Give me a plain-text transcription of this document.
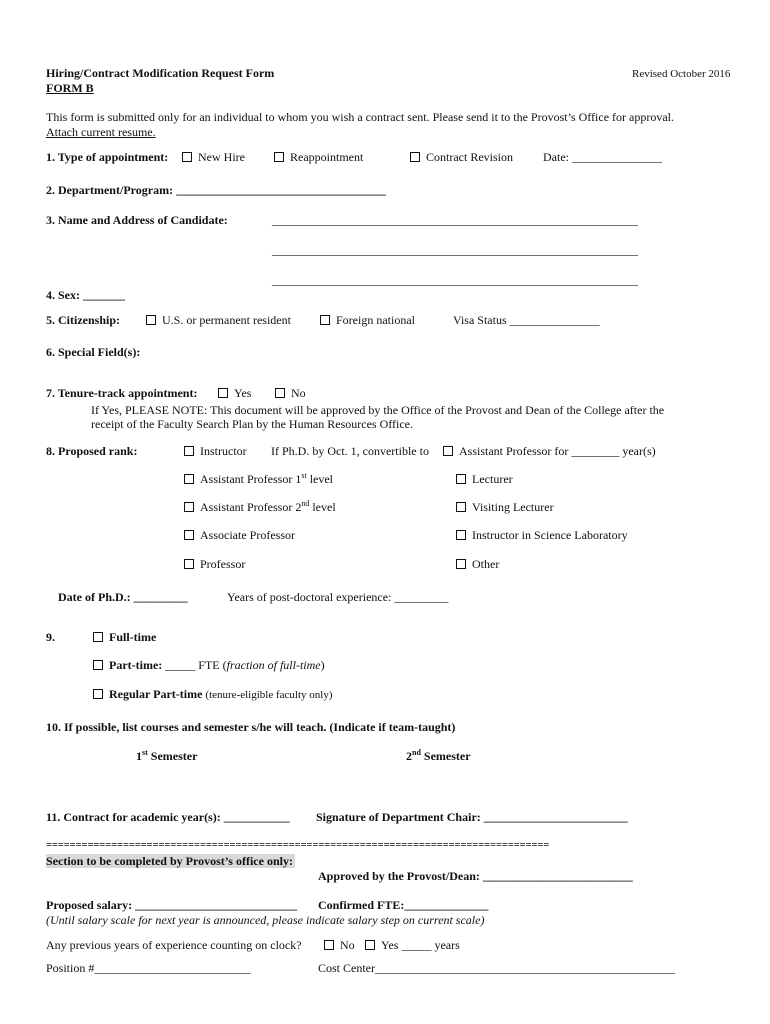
Hiring/Contract Modification Request Form
FORM B
Revised October 2016
This form is submitted only for an individual to whom you wish a contract sent. Please send it to the Provost’s Office for approval.
Attach current resume.
1. Type of appointment:	New Hire	Reappointment	Contract Revision	Date: _______________
2. Department/Program: ___________________________________
3. Name and Address of Candidate:	_____________________________________________________________
_____________________________________________________________
_____________________________________________________________
4. Sex: _______
5. Citizenship:	U.S. or permanent resident	Foreign national	Visa Status _______________
6. Special Field(s):
7. Tenure-track appointment:	Yes	No
If Yes, PLEASE NOTE: This document will be approved by the Office of the Provost and Dean of the College after the
receipt of the Faculty Search Plan by the Human Resources Office.
8. Proposed rank:	Instructor If Ph.D. by Oct. 1, convertible to	Assistant Professor for ________ year(s)
Assistant Professor 1st level	Lecturer
Assistant Professor 2nd level	Visiting Lecturer
Associate Professor	Instructor in Science Laboratory
Professor	Other
Date of Ph.D.: _________	Years of post-doctoral experience: _________
9.	Full-time
Part-time: _____ FTE (fraction of full-time)
Regular Part-time (tenure-eligible faculty only)
10. If possible, list courses and semester s/he will teach. (Indicate if team-taught)
1st Semester	2nd Semester
11. Contract for academic year(s): ___________ Signature of Department Chair: ________________________
=====================================================================================
Section to be completed by Provost’s office only:
Approved by the Provost/Dean: _________________________
Proposed salary: ___________________________ Confirmed FTE:______________
(Until salary scale for next year is announced, please indicate salary step on current scale)
Any previous years of experience counting on clock?	No	Yes _____ years
Position #__________________________	Cost Center__________________________________________________
